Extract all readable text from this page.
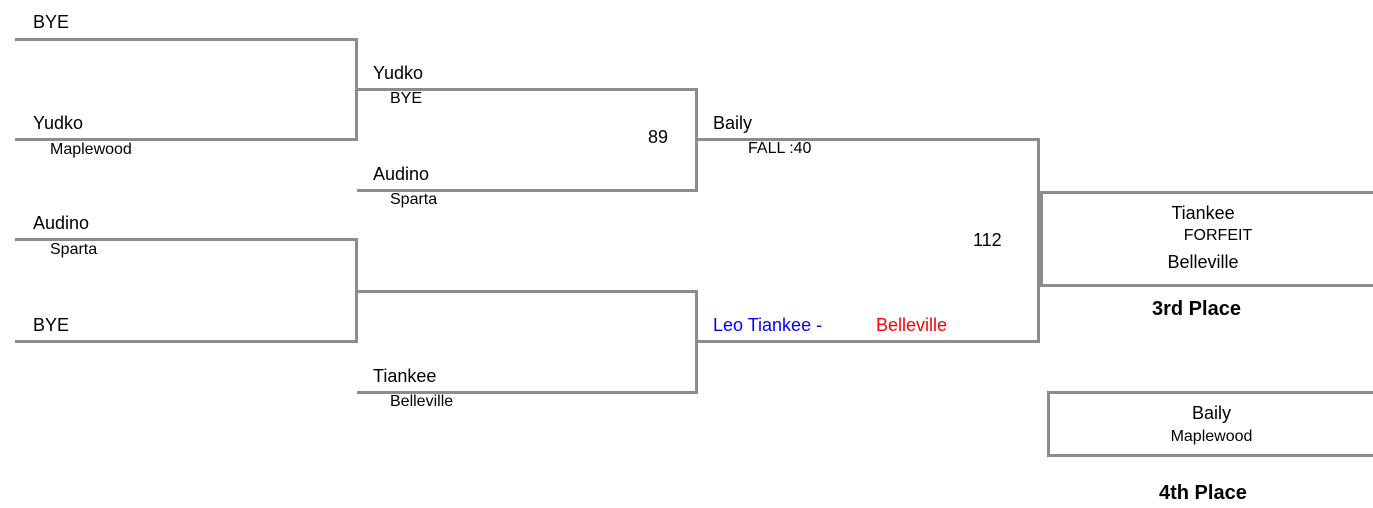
BYE
Yudko
Maplewood
Audino
Sparta
BYE
Yudko
BYE
Audino
Sparta
89
Tiankee
Belleville
Baily
FALL :40
Leo Tiankee -	Belleville
112
Tiankee
FORFEIT
Belleville
3rd Place
Baily
Maplewood
4th Place
